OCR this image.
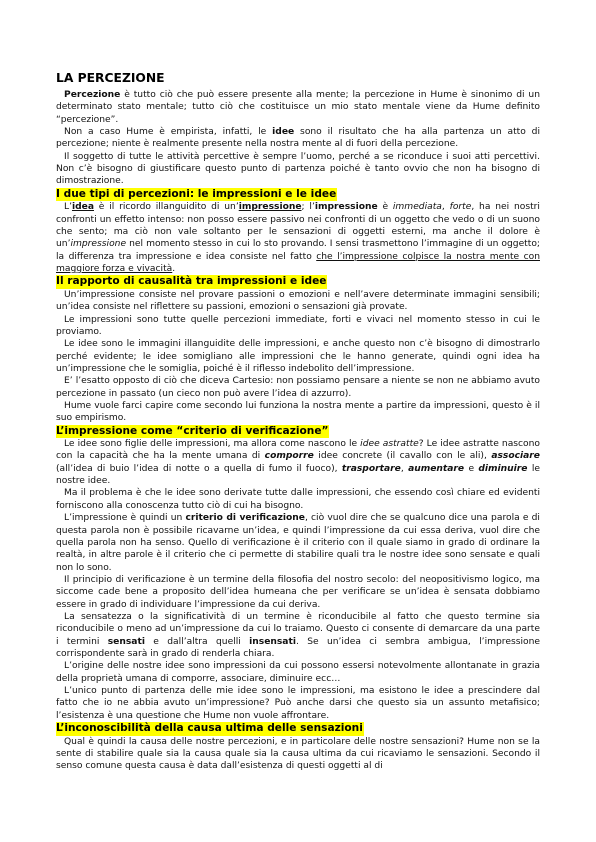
LA PERCEZIONE

Percezione è tutto ciò che può essere presente alla mente; la percezione in Hume è sinonimo di un determinato stato mentale; tutto ciò che costituisce un mio stato mentale viene da Hume definito “percezione”.

Non a caso Hume è empirista, infatti, le idee sono il risultato che ha alla partenza un atto di percezione; niente è realmente presente nella nostra mente al di fuori della percezione.

Il soggetto di tutte le attività percettive è sempre l’uomo, perché a se riconduce i suoi atti percettivi. Non c’è bisogno di giustificare questo punto di partenza poiché è tanto ovvio che non ha bisogno di dimostrazione.

I due tipi di percezioni: le impressioni e le idee

L’idea è il ricordo illanguidito di un’impressione; l’impressione è immediata, forte, ha nei nostri confronti un effetto intenso: non posso essere passivo nei confronti di un oggetto che vedo o di un suono che sento; ma ciò non vale soltanto per le sensazioni di oggetti esterni, ma anche il dolore è un’impressione nel momento stesso in cui lo sto provando. I sensi trasmettono l’immagine di un oggetto; la differenza tra impressione e idea consiste nel fatto che l’impressione colpisce la nostra mente con maggiore forza e vivacità.

Il rapporto di causalità tra impressioni e idee

Un’impressione consiste nel provare passioni o emozioni e nell’avere determinate immagini sensibili; un’idea consiste nel riflettere su passioni, emozioni o sensazioni già provate.

Le impressioni sono tutte quelle percezioni immediate, forti e vivaci nel momento stesso in cui le proviamo.

Le idee sono le immagini illanguidite delle impressioni, e anche questo non c’è bisogno di dimostrarlo perché evidente; le idee somigliano alle impressioni che le hanno generate, quindi ogni idea ha un’impressione che le somiglia, poiché è il riflesso indebolito dell’impressione.

E’ l’esatto opposto di ciò che diceva Cartesio: non possiamo pensare a niente se non ne abbiamo avuto percezione in passato (un cieco non può avere l’idea di azzurro).

Hume vuole farci capire come secondo lui funziona la nostra mente a partire da impressioni, questo è il suo empirismo.

L’impressione come “criterio di verificazione”

Le idee sono figlie delle impressioni, ma allora come nascono le idee astratte? Le idee astratte nascono con la capacità che ha la mente umana di comporre idee concrete (il cavallo con le ali), associare (all’idea di buio l’idea di notte o a quella di fumo il fuoco), trasportare, aumentare e diminuire le nostre idee.

Ma il problema è che le idee sono derivate tutte dalle impressioni, che essendo così chiare ed evidenti forniscono alla conoscenza tutto ciò di cui ha bisogno.

L’impressione è quindi un criterio di verificazione, ciò vuol dire che se qualcuno dice una parola e di questa parola non è possibile ricavarne un’idea, e quindi l’impressione da cui essa deriva, vuol dire che quella parola non ha senso. Quello di verificazione è il criterio con il quale siamo in grado di ordinare la realtà, in altre parole è il criterio che ci permette di stabilire quali tra le nostre idee sono sensate e quali non lo sono.

Il principio di verificazione è un termine della filosofia del nostro secolo: del neopositivismo logico, ma siccome cade bene a proposito dell’idea humeana che per verificare se un’idea è sensata dobbiamo essere in grado di individuare l’impressione da cui deriva.

La sensatezza o la significatività di un termine è riconducibile al fatto che questo termine sia riconducibile o meno ad un’impressione da cui lo traiamo. Questo ci consente di demarcare da una parte i termini sensati e dall’altra quelli insensati. Se un’idea ci sembra ambigua, l’impressione corrispondente sarà in grado di renderla chiara.

L’origine delle nostre idee sono impressioni da cui possono essersi notevolmente allontanate in grazia della proprietà umana di comporre, associare, diminuire ecc…

L’unico punto di partenza delle mie idee sono le impressioni, ma esistono le idee a prescindere dal fatto che io ne abbia avuto un’impressione? Può anche darsi che questo sia un assunto metafisico; l’esistenza è una questione che Hume non vuole affrontare.

L’inconoscibilità della causa ultima delle sensazioni

Qual è quindi la causa delle nostre percezioni, e in particolare delle nostre sensazioni? Hume non se la sente di stabilire quale sia la causa quale sia la causa ultima da cui ricaviamo le sensazioni. Secondo il senso comune questa causa è data dall’esistenza di questi oggetti al di
